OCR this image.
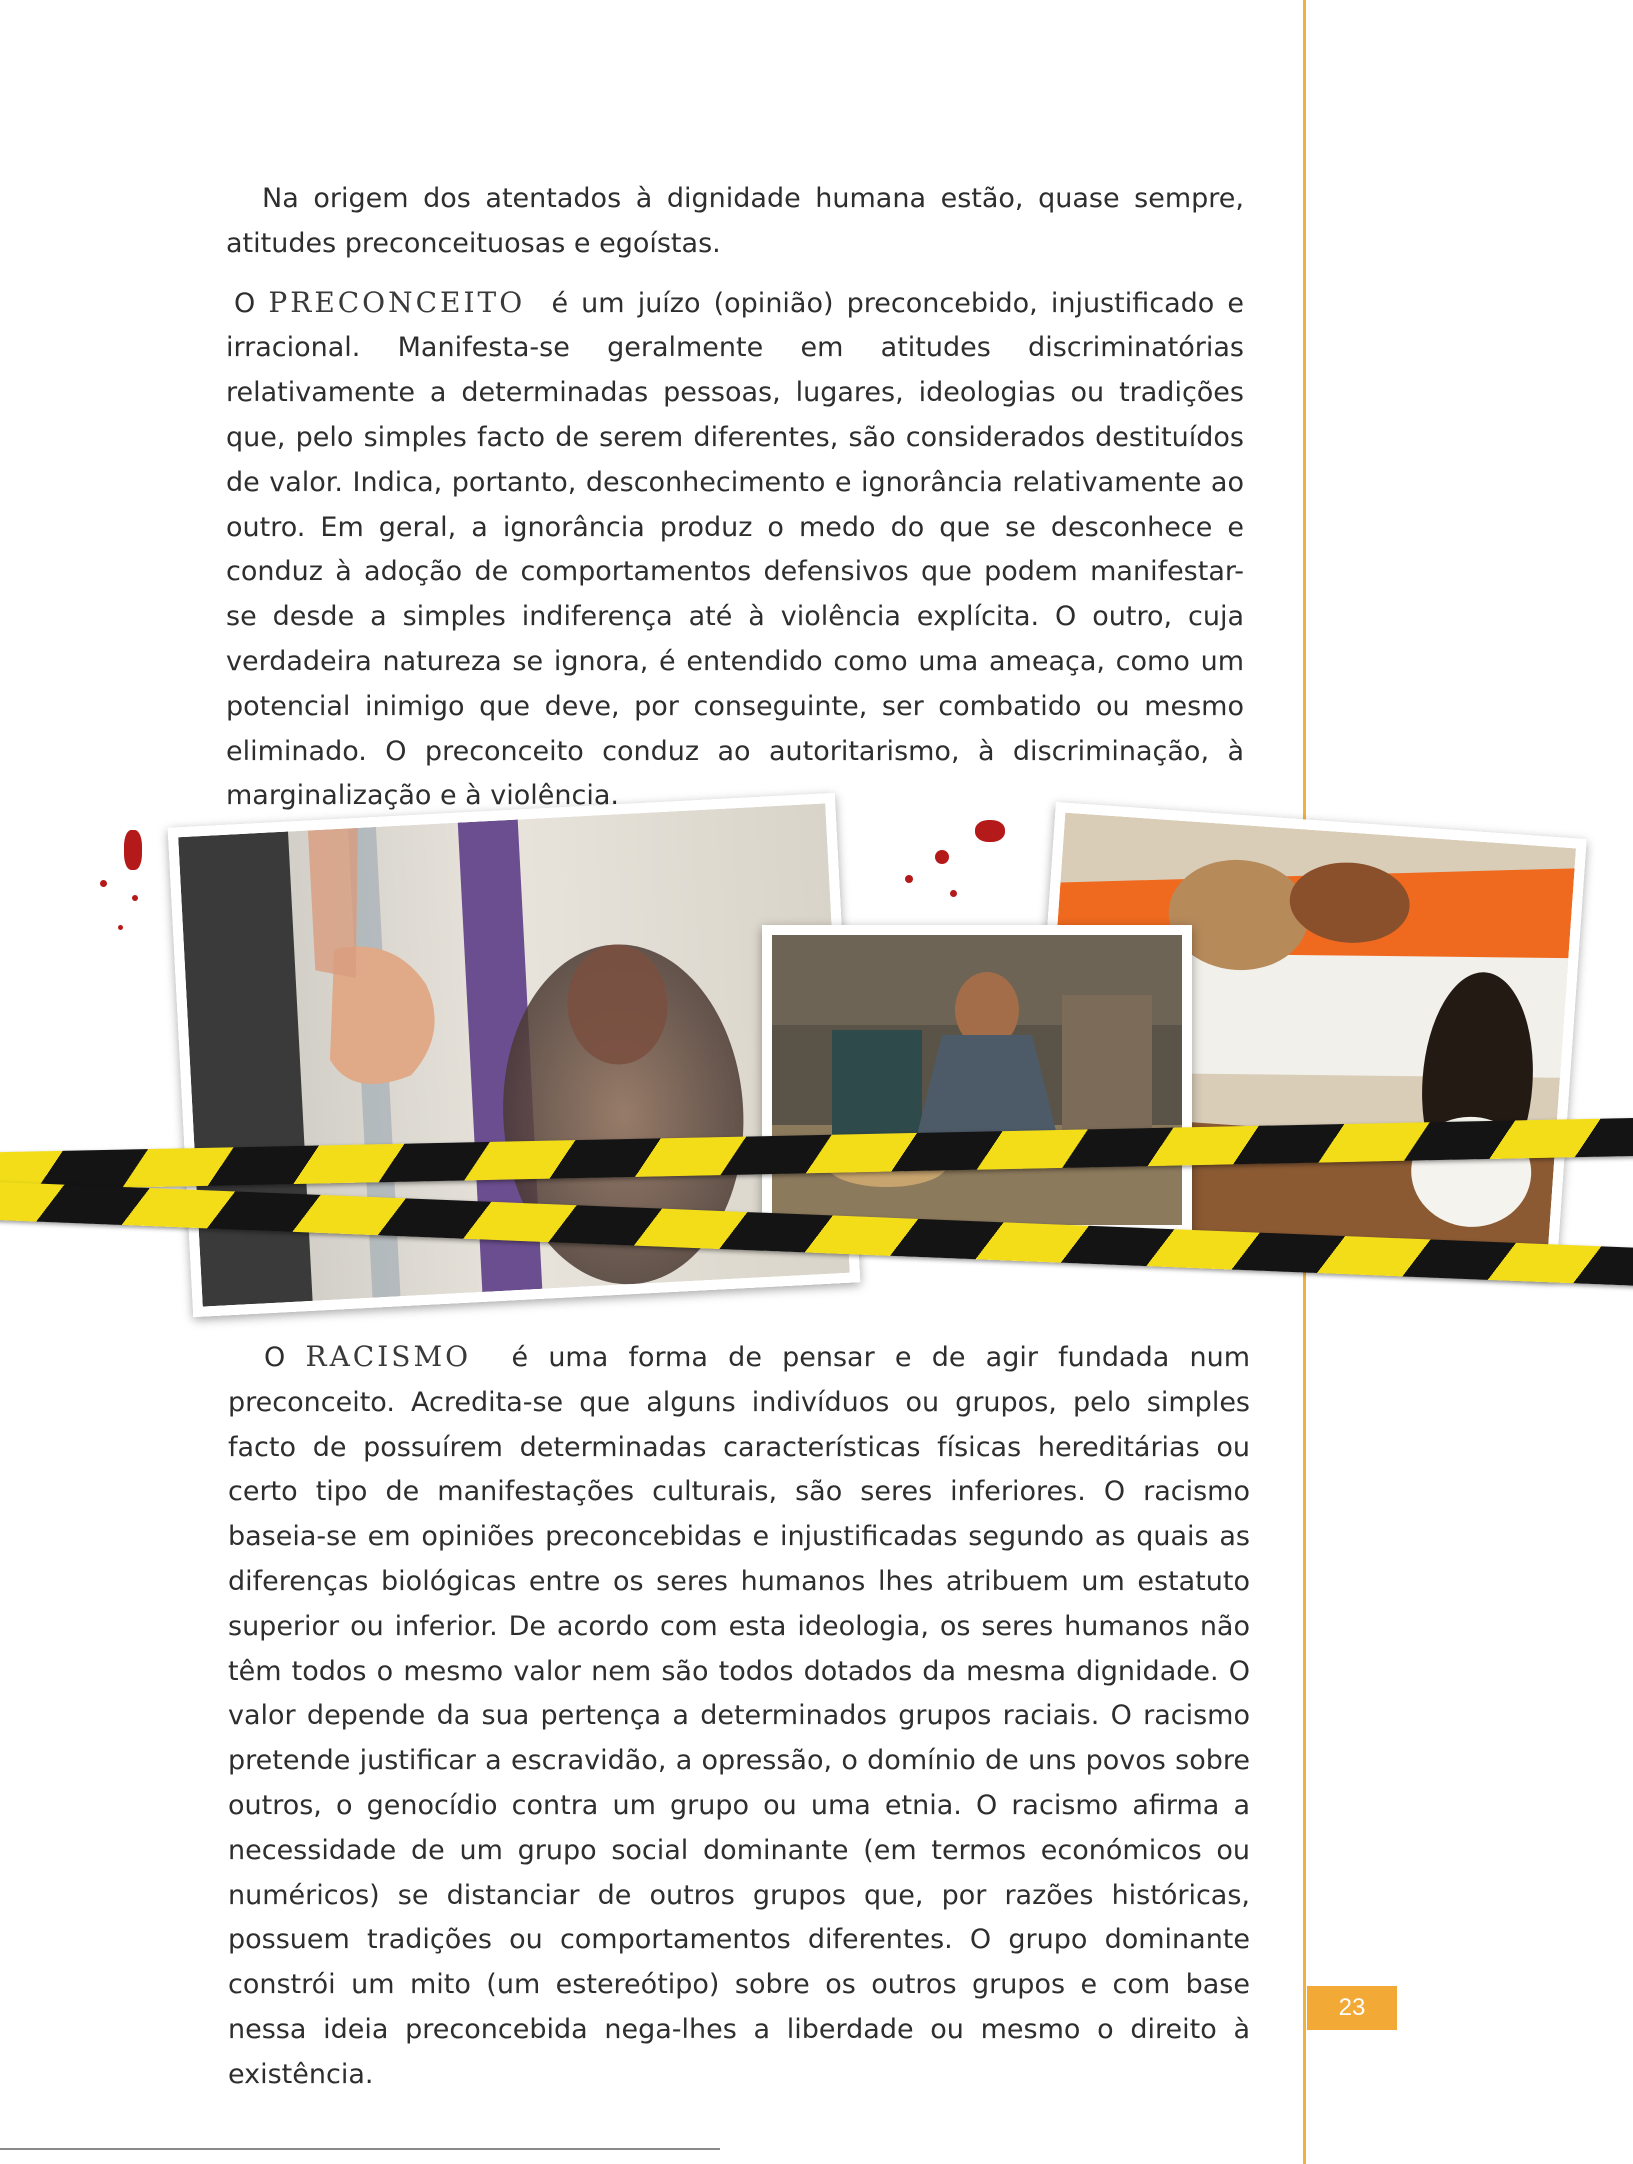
Na origem dos atentados à dignidade humana estão, quase sempre, atitudes preconceituosas e egoístas.

O PRECONCEITO é um juízo (opinião) preconcebido, injustificado e irracional. Manifesta-se geralmente em atitudes discriminatórias relativamente a determinadas pessoas, lugares, ideologias ou tradições que, pelo simples facto de serem diferentes, são considerados destituídos de valor. Indica, portanto, desconhecimento e ignorância relativamente ao outro. Em geral, a ignorância produz o medo do que se desconhece e conduz à adoção de comportamentos defensivos que podem manifestar-se desde a simples indiferença até à violência explícita. O outro, cuja verdadeira natureza se ignora, é entendido como uma ameaça, como um potencial inimigo que deve, por conseguinte, ser combatido ou mesmo eliminado. O preconceito conduz ao autoritarismo, à discriminação, à marginalização e à violência.

O RACISMO é uma forma de pensar e de agir fundada num preconceito. Acredita-se que alguns indivíduos ou grupos, pelo simples facto de possuírem determinadas características físicas hereditárias ou certo tipo de manifestações culturais, são seres inferiores. O racismo baseia-se em opiniões preconcebidas e injustificadas segundo as quais as diferenças biológicas entre os seres humanos lhes atribuem um estatuto superior ou inferior. De acordo com esta ideologia, os seres humanos não têm todos o mesmo valor nem são todos dotados da mesma dignidade. O valor depende da sua pertença a determinados grupos raciais. O racismo pretende justificar a escravidão, a opressão, o domínio de uns povos sobre outros, o genocídio contra um grupo ou uma etnia. O racismo afirma a necessidade de um grupo social dominante (em termos económicos ou numéricos) se distanciar de outros grupos que, por razões históricas, possuem tradições ou comportamentos diferentes. O grupo dominante constrói um mito (um estereótipo) sobre os outros grupos e com base nessa ideia preconcebida nega-lhes a liberdade ou mesmo o direito à existência.

23
